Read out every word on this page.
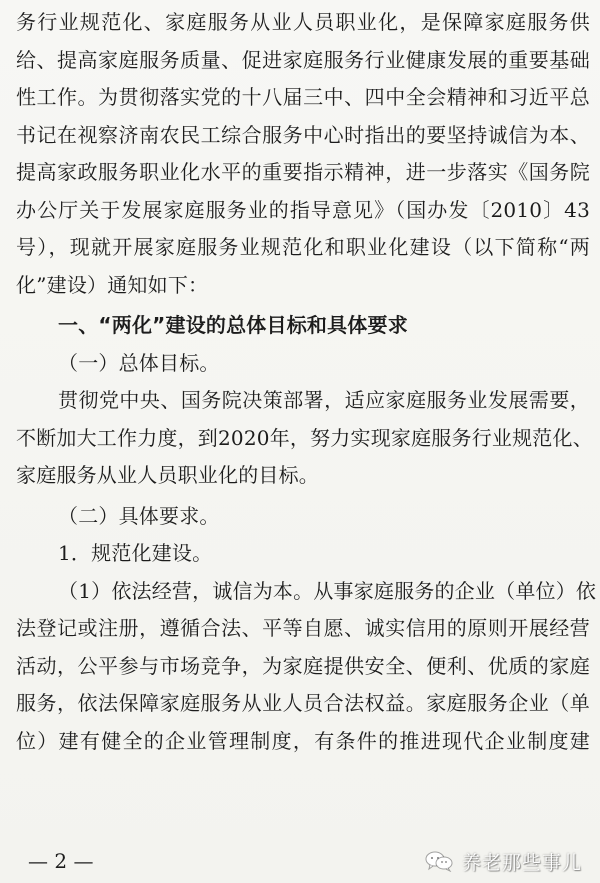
务行业规范化、家庭服务从业人员职业化，是保障家庭服务供
给、提高家庭服务质量、促进家庭服务行业健康发展的重要基础
性工作。为贯彻落实党的十八届三中、四中全会精神和习近平总
书记在视察济南农民工综合服务中心时指出的要坚持诚信为本、
提高家政服务职业化水平的重要指示精神，进一步落实《国务院
办公厅关于发展家庭服务业的指导意见》（国办发〔2010〕43
号），现就开展家庭服务业规范化和职业化建设（以下简称“两
化”建设）通知如下：
一、“两化”建设的总体目标和具体要求
（一）总体目标。
贯彻党中央、国务院决策部署，适应家庭服务业发展需要，
不断加大工作力度，到2020年，努力实现家庭服务行业规范化、
家庭服务从业人员职业化的目标。
（二）具体要求。
1．规范化建设。
（1）依法经营，诚信为本。从事家庭服务的企业（单位）依
法登记或注册，遵循合法、平等自愿、诚实信用的原则开展经营
活动，公平参与市场竞争，为家庭提供安全、便利、优质的家庭
服务，依法保障家庭服务从业人员合法权益。家庭服务企业（单
位）建有健全的企业管理制度，有条件的推进现代企业制度建
— 2 —	养老那些事儿
